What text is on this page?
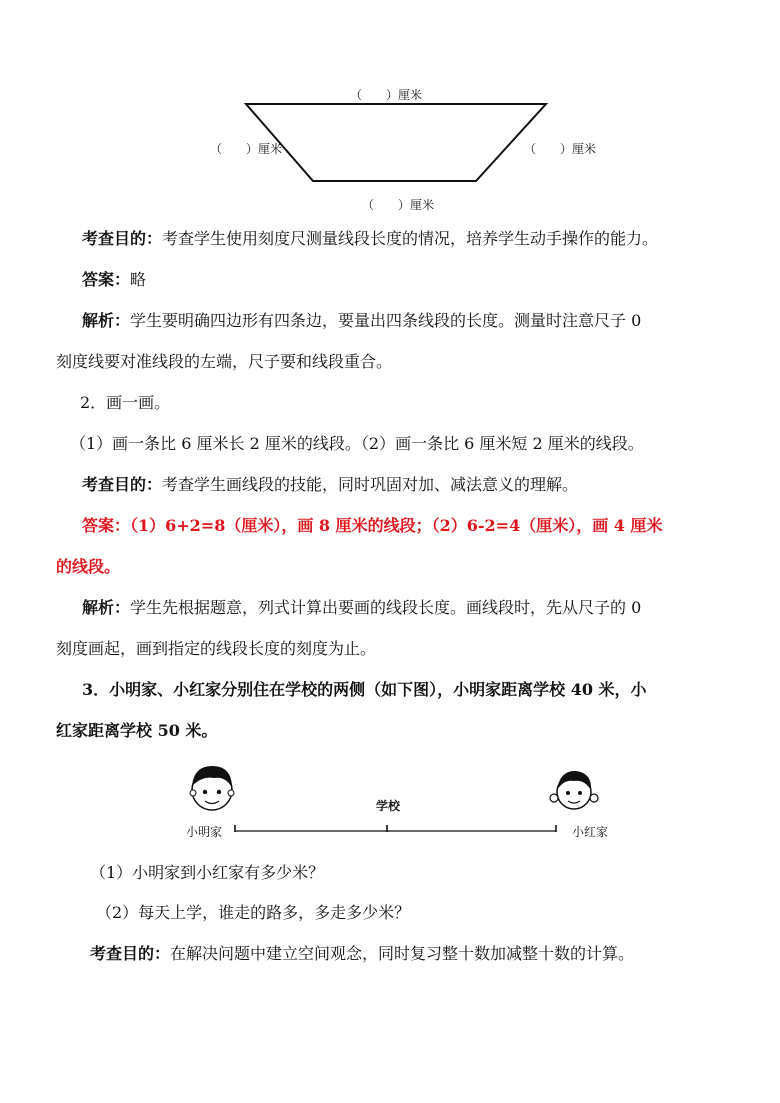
（　　）厘米
（　　）厘米	（　　）厘米
（　　）厘米

考查目的：考查学生使用刻度尺测量线段长度的情况，培养学生动手操作的能力。

答案：略

解析：学生要明确四边形有四条边，要量出四条线段的长度。测量时注意尺子 0

刻度线要对准线段的左端，尺子要和线段重合。

2．画一画。

（1）画一条比 6 厘米长 2 厘米的线段。（2）画一条比 6 厘米短 2 厘米的线段。

考查目的：考查学生画线段的技能，同时巩固对加、减法意义的理解。

答案：（1）6+2=8（厘米），画 8 厘米的线段；（2）6-2=4（厘米），画 4 厘米

的线段。

解析：学生先根据题意，列式计算出要画的线段长度。画线段时，先从尺子的 0

刻度画起，画到指定的线段长度的刻度为止。

3．小明家、小红家分别住在学校的两侧（如下图），小明家距离学校 40 米，小

红家距离学校 50 米。

小明家
学校
小红家

（1）小明家到小红家有多少米？

（2）每天上学，谁走的路多，多走多少米？

考查目的：在解决问题中建立空间观念，同时复习整十数加减整十数的计算。
